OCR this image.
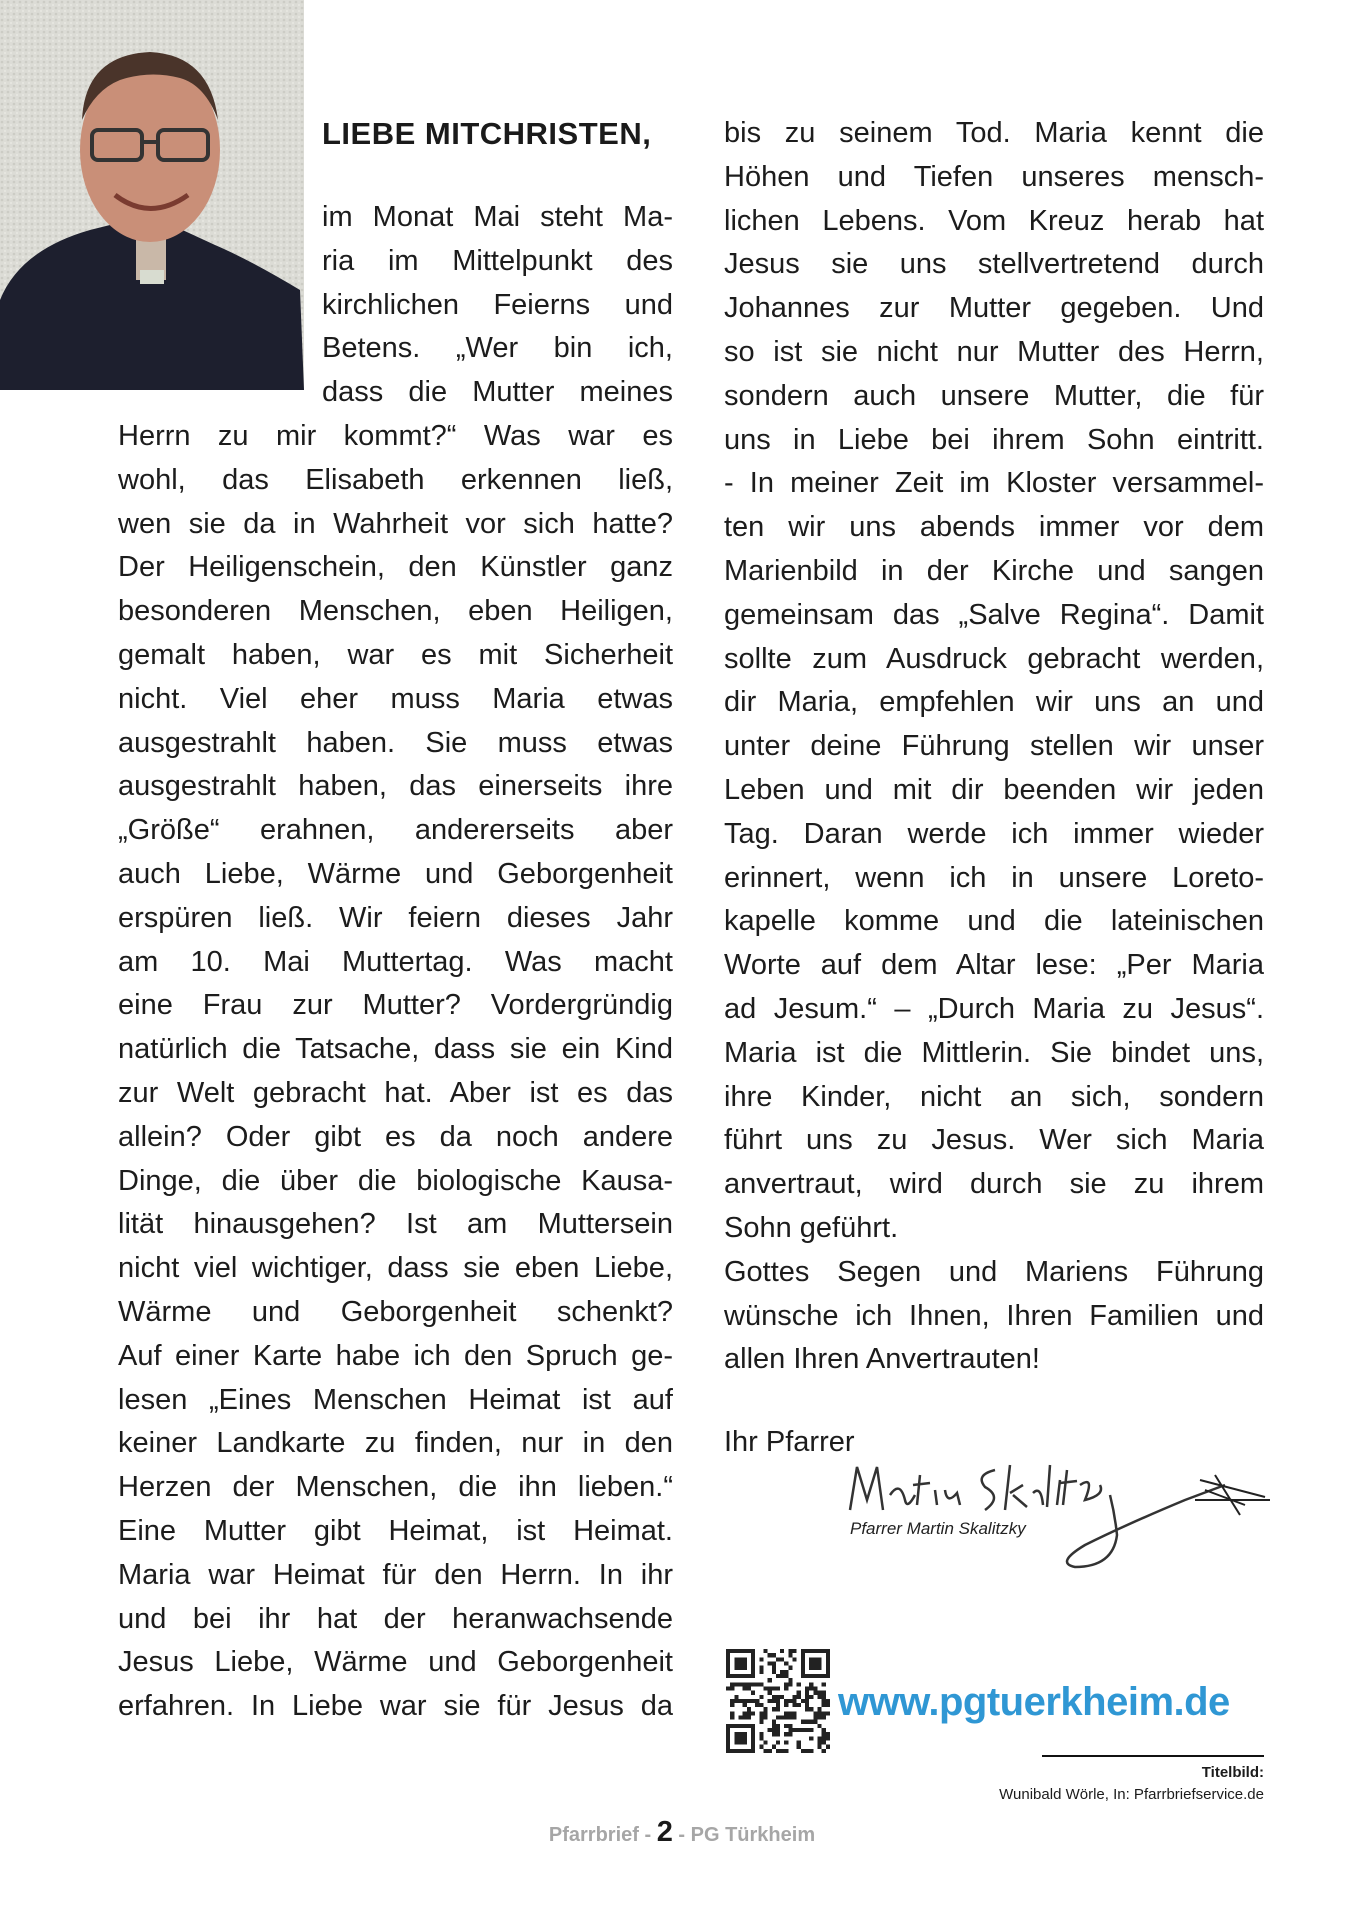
LIEBE MITCHRISTEN,
im Monat Mai steht Ma-
ria im Mittelpunkt des
kirchlichen Feierns und
Betens. „Wer bin ich,
dass die Mutter meines
Herrn zu mir kommt?“ Was war es
wohl, das Elisabeth erkennen ließ,
wen sie da in Wahrheit vor sich hatte?
Der Heiligenschein, den Künstler ganz
besonderen Menschen, eben Heiligen,
gemalt haben, war es mit Sicherheit
nicht. Viel eher muss Maria etwas
ausgestrahlt haben. Sie muss etwas
ausgestrahlt haben, das einerseits ihre
„Größe“ erahnen, andererseits aber
auch Liebe, Wärme und Geborgenheit
erspüren ließ. Wir feiern dieses Jahr
am 10. Mai Muttertag. Was macht
eine Frau zur Mutter? Vordergründig
natürlich die Tatsache, dass sie ein Kind
zur Welt gebracht hat. Aber ist es das
allein? Oder gibt es da noch andere
Dinge, die über die biologische Kausa-
lität hinausgehen? Ist am Muttersein
nicht viel wichtiger, dass sie eben Liebe,
Wärme und Geborgenheit schenkt?
Auf einer Karte habe ich den Spruch ge-
lesen „Eines Menschen Heimat ist auf
keiner Landkarte zu finden, nur in den
Herzen der Menschen, die ihn lieben.“
Eine Mutter gibt Heimat, ist Heimat.
Maria war Heimat für den Herrn. In ihr
und bei ihr hat der heranwachsende
Jesus Liebe, Wärme und Geborgenheit
erfahren. In Liebe war sie für Jesus da
bis zu seinem Tod. Maria kennt die
Höhen und Tiefen unseres mensch-
lichen Lebens. Vom Kreuz herab hat
Jesus sie uns stellvertretend durch
Johannes zur Mutter gegeben. Und
so ist sie nicht nur Mutter des Herrn,
sondern auch unsere Mutter, die für
uns in Liebe bei ihrem Sohn eintritt.
- In meiner Zeit im Kloster versammel-
ten wir uns abends immer vor dem
Marienbild in der Kirche und sangen
gemeinsam das „Salve Regina“. Damit
sollte zum Ausdruck gebracht werden,
dir Maria, empfehlen wir uns an und
unter deine Führung stellen wir unser
Leben und mit dir beenden wir jeden
Tag. Daran werde ich immer wieder
erinnert, wenn ich in unsere Loreto-
kapelle komme und die lateinischen
Worte auf dem Altar lese: „Per Maria
ad Jesum.“ – „Durch Maria zu Jesus“.
Maria ist die Mittlerin. Sie bindet uns,
ihre Kinder, nicht an sich, sondern
führt uns zu Jesus. Wer sich Maria
anvertraut, wird durch sie zu ihrem
Sohn geführt.
Gottes Segen und Mariens Führung
wünsche ich Ihnen, Ihren Familien und
allen Ihren Anvertrauten!
Ihr Pfarrer
Pfarrer Martin Skalitzky
www.pgtuerkheim.de
Titelbild:
Wunibald Wörle, In: Pfarrbriefservice.de
Pfarrbrief - 2 - PG Türkheim
